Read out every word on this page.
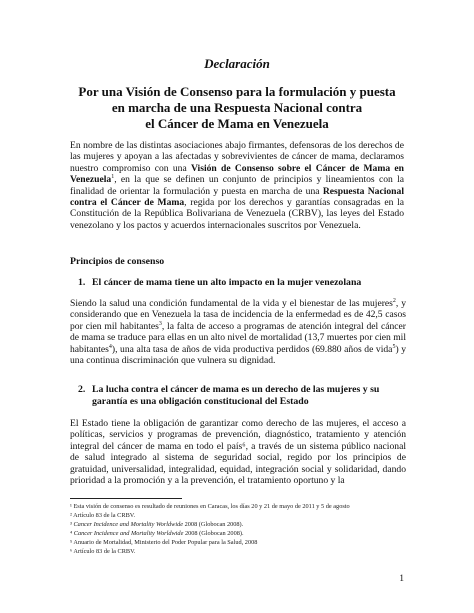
Declaración
Por una Visión de Consenso para la formulación y puesta
en marcha de una Respuesta Nacional contra
el Cáncer de Mama en Venezuela

En nombre de las distintas asociaciones abajo firmantes, defensoras de los derechos de las mujeres y apoyan a las afectadas y sobrevivientes de cáncer de mama, declaramos nuestro compromiso con una Visión de Consenso sobre el Cáncer de Mama en Venezuela$^1$, en la que se definen un conjunto de principios y lineamientos con la finalidad de orientar la formulación y puesta en marcha de una Respuesta Nacional contra el Cáncer de Mama, regida por los derechos y garantías consagradas en la Constitución de la República Bolivariana de Venezuela (CRBV), las leyes del Estado venezolano y los pactos y acuerdos internacionales suscritos por Venezuela.

Principios de consenso
1. El cáncer de mama tiene un alto impacto en la mujer venezolana

Siendo la salud una condición fundamental de la vida y el bienestar de las mujeres$^2$, y considerando que en Venezuela la tasa de incidencia de la enfermedad es de 42,5 casos por cien mil habitantes$^3$, la falta de acceso a programas de atención integral del cáncer de mama se traduce para ellas en un alto nivel de mortalidad (13,7 muertes por cien mil habitantes$^4$), una alta tasa de años de vida productiva perdidos (69.880 años de vida$^5$) y una continua discriminación que vulnera su dignidad.

2. La lucha contra el cáncer de mama es un derecho de las mujeres y su garantía es una obligación constitucional del Estado

El Estado tiene la obligación de garantizar como derecho de las mujeres, el acceso a políticas, servicios y programas de prevención, diagnóstico, tratamiento y atención integral del cáncer de mama en todo el país⁶, a través de un sistema público nacional de salud integrado al sistema de seguridad social, regido por los principios de gratuidad, universalidad, integralidad, equidad, integración social y solidaridad, dando prioridad a la promoción y a la prevención, el tratamiento oportuno y la

¹ Esta visión de consenso es resultado de reuniones en Caracas, los días 20 y 21 de mayo de 2011 y 5 de agosto
² Artículo 83 de la CRBV.
³ Cancer Incidence and Mortality Worldwide 2008 (Globocan 2008).
⁴ Cancer Incidence and Mortality Worldwide 2008 (Globocan 2008).
⁵ Anuario de Mortalidad, Ministerio del Poder Popular para la Salud, 2008
⁶ Artículo 83 de la CRBV.
1
